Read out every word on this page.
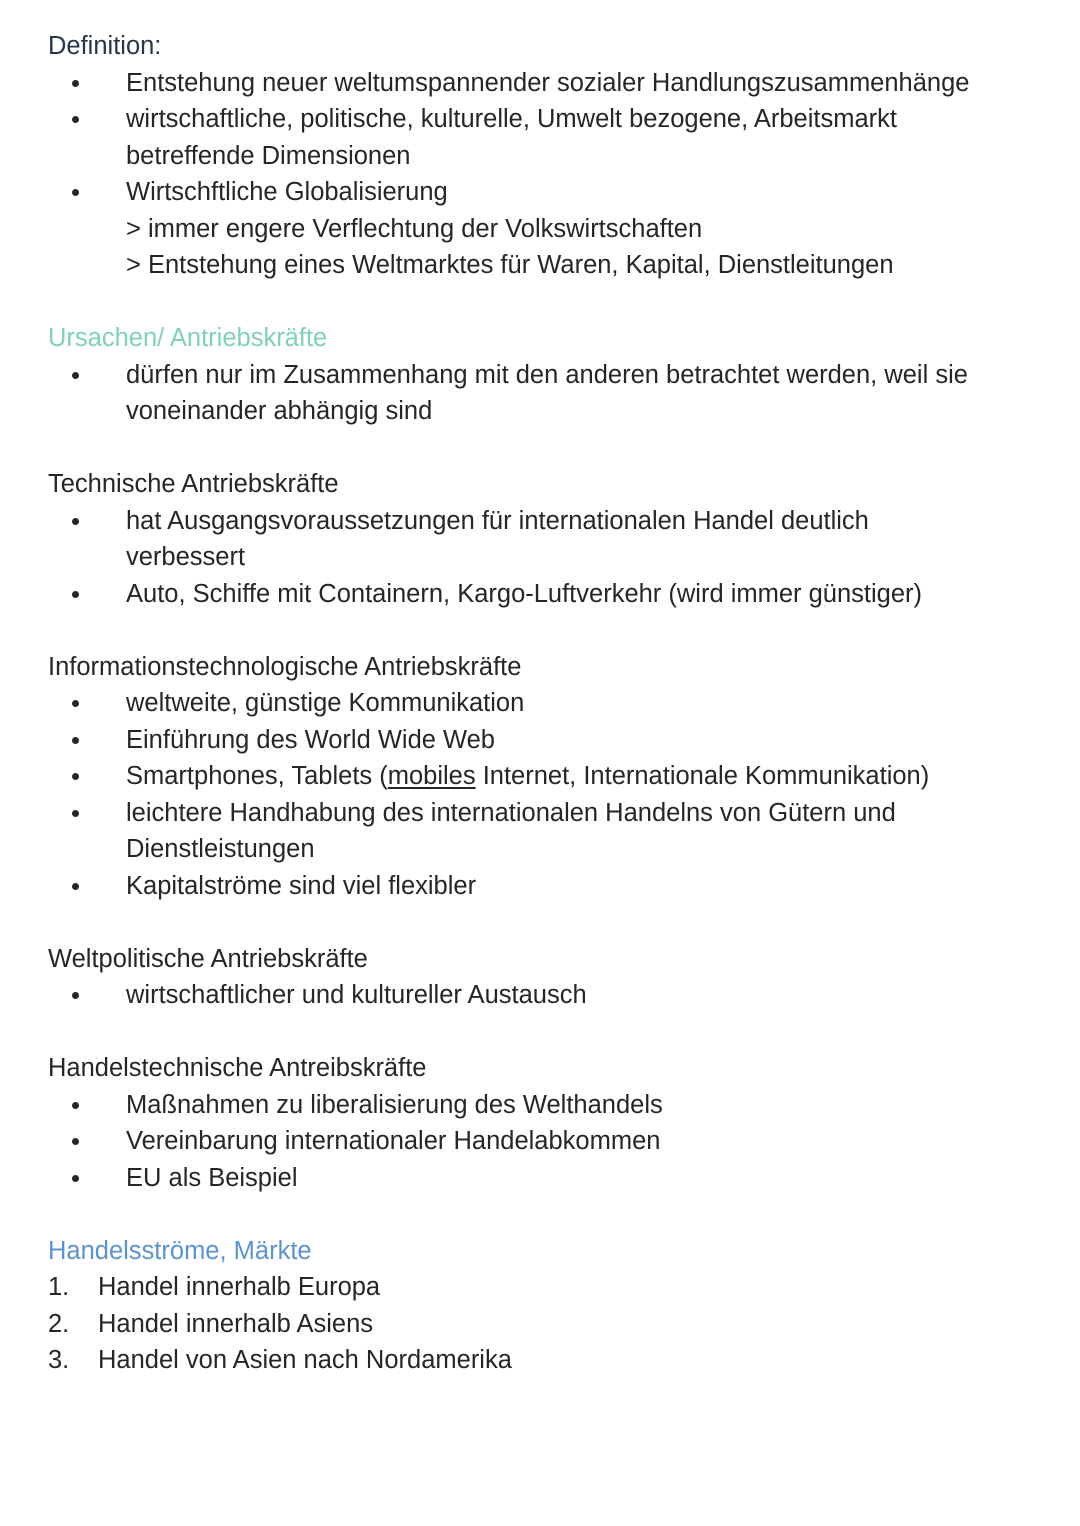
Definition:
Entstehung neuer weltumspannender sozialer Handlungszusammenhänge
wirtschaftliche, politische, kulturelle, Umwelt bezogene, Arbeitsmarkt
betreffende Dimensionen
Wirtschftliche Globalisierung
> immer engere Verflechtung der Volkswirtschaften
> Entstehung eines Weltmarktes für Waren, Kapital, Dienstleitungen
Ursachen/ Antriebskräfte
dürfen nur im Zusammenhang mit den anderen betrachtet werden, weil sie
voneinander abhängig sind
Technische Antriebskräfte
hat Ausgangsvoraussetzungen für internationalen Handel deutlich
verbessert
Auto, Schiffe mit Containern, Kargo-Luftverkehr (wird immer günstiger)
Informationstechnologische Antriebskräfte
weltweite, günstige Kommunikation
Einführung des World Wide Web
Smartphones, Tablets (mobiles Internet, Internationale Kommunikation)
leichtere Handhabung des internationalen Handelns von Gütern und
Dienstleistungen
Kapitalströme sind viel flexibler
Weltpolitische Antriebskräfte
wirtschaftlicher und kultureller Austausch
Handelstechnische Antreibskräfte
Maßnahmen zu liberalisierung des Welthandels
Vereinbarung internationaler Handelabkommen
EU als Beispiel
Handelsströme, Märkte
1. Handel innerhalb Europa
2. Handel innerhalb Asiens
3. Handel von Asien nach Nordamerika
